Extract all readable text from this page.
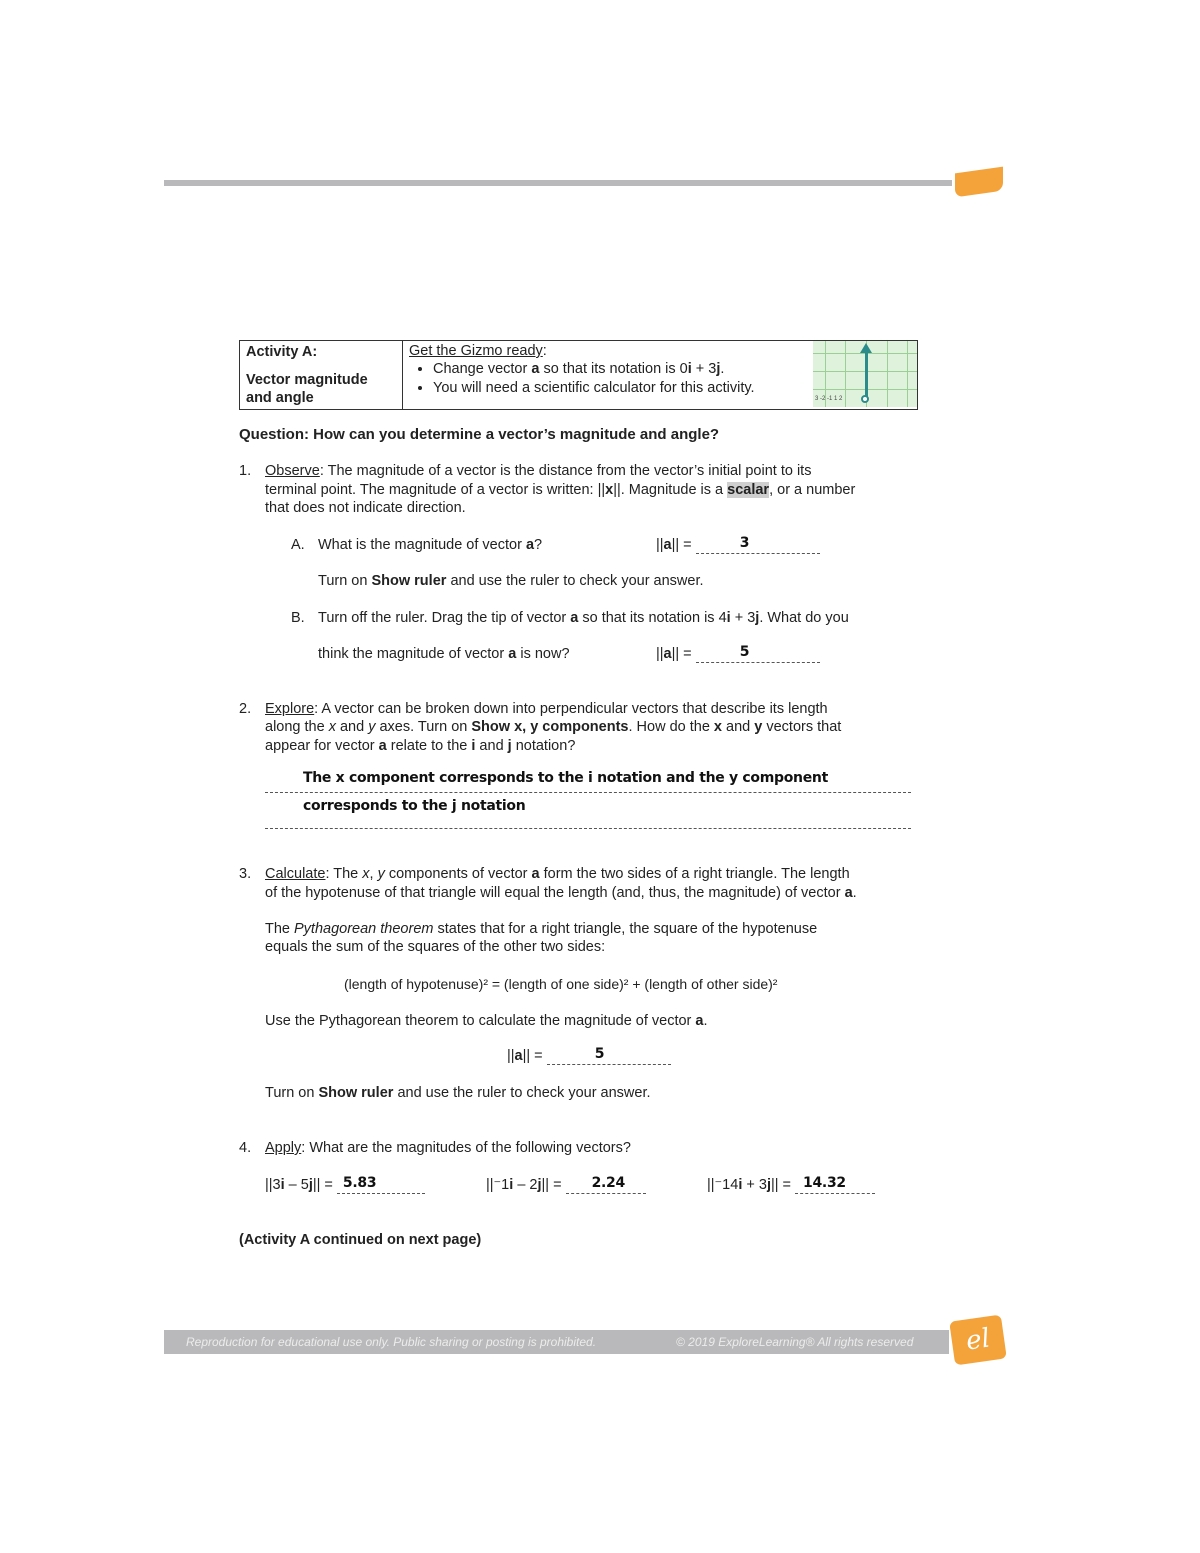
Activity A:
Vector magnitude and angle

Get the Gizmo ready:
• Change vector a so that its notation is 0i + 3j.
• You will need a scientific calculator for this activity.

3 -2 -1 1 2
Question: How can you determine a vector’s magnitude and angle?
1. Observe: The magnitude of a vector is the distance from the vector’s initial point to its
terminal point. The magnitude of a vector is written: ||x||. Magnitude is a scalar, or a number
that does not indicate direction.
A. What is the magnitude of vector a?	||a|| =	3
Turn on Show ruler and use the ruler to check your answer.
B. Turn off the ruler. Drag the tip of vector a so that its notation is 4i + 3j. What do you
think the magnitude of vector a is now?	||a|| =	5
2. Explore: A vector can be broken down into perpendicular vectors that describe its length
along the x and y axes. Turn on Show x, y components. How do the x and y vectors that
appear for vector a relate to the i and j notation?
The x component corresponds to the i notation and the y component
corresponds to the j notation
3. Calculate: The x, y components of vector a form the two sides of a right triangle. The length
of the hypotenuse of that triangle will equal the length (and, thus, the magnitude) of vector a.
The Pythagorean theorem states that for a right triangle, the square of the hypotenuse
equals the sum of the squares of the other two sides:
(length of hypotenuse)² = (length of one side)² + (length of other side)²
Use the Pythagorean theorem to calculate the magnitude of vector a.
||a|| =	5
Turn on Show ruler and use the ruler to check your answer.
4. Apply: What are the magnitudes of the following vectors?
||3i – 5j|| = 5.83	||⁻1i – 2j|| = 2.24	||⁻14i + 3j|| = 14.32
(Activity A continued on next page)
Reproduction for educational use only. Public sharing or posting is prohibited.	© 2019 ExploreLearning® All rights reserved	el
